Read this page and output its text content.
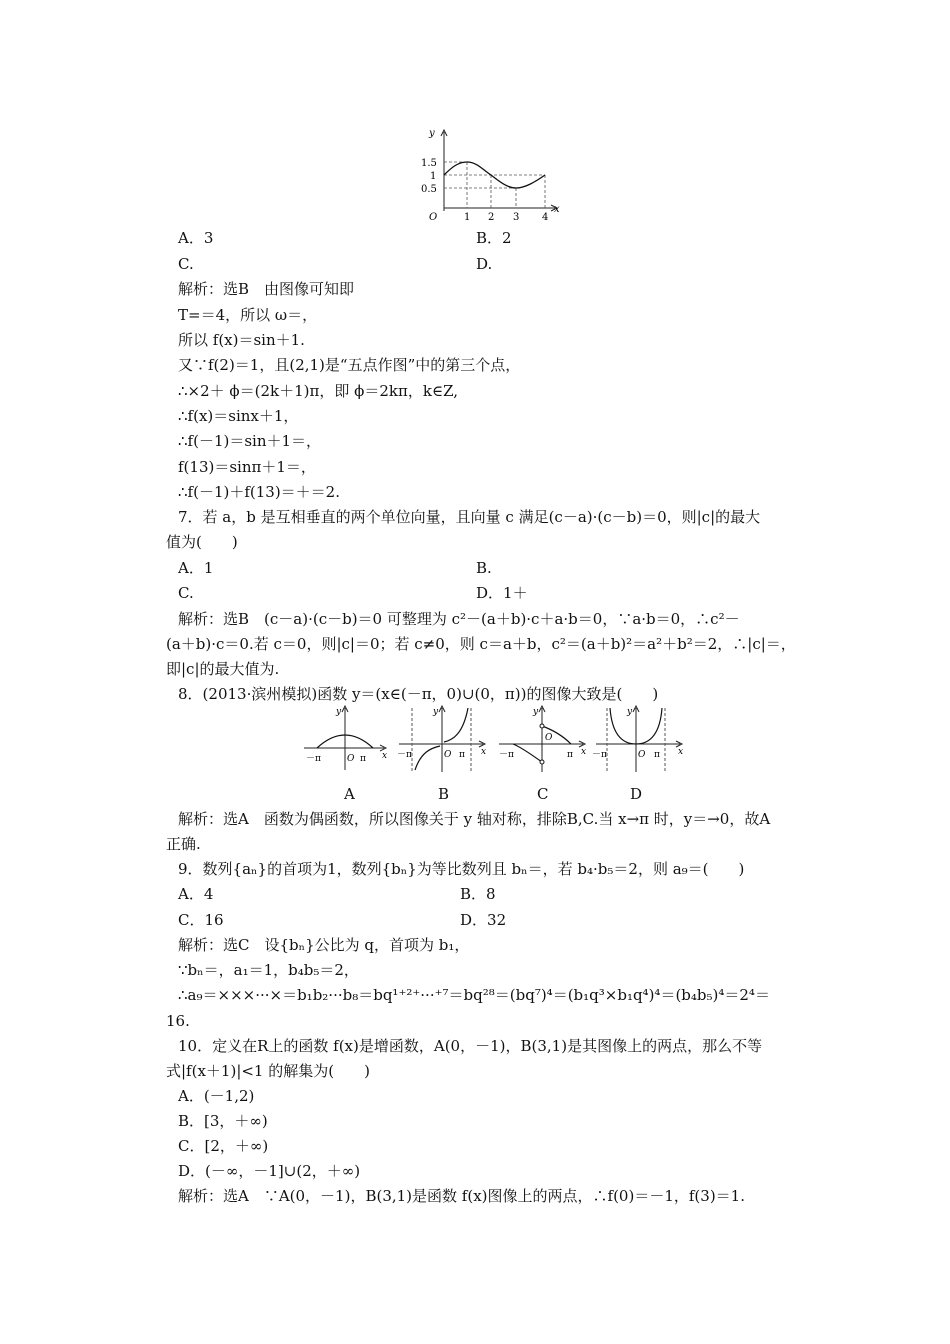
y
x
O
1.5
1
0.5
1 2 3 4
A．3	B．2
C.	D.
解析：选B　由图像可知即
T=＝4，所以 ω＝，
所以 f(x)＝sin＋1.
又∵f(2)＝1，且(2,1)是“五点作图”中的第三个点，
∴×2＋ ϕ＝(2k＋1)π，即 ϕ＝2kπ，k∈Z,
∴f(x)＝sinx＋1，
∴f(－1)＝sin＋1＝，
f(13)＝sinπ＋1＝，
∴f(－1)＋f(13)＝＋＝2.
7．若 a，b 是互相垂直的两个单位向量，且向量 c 满足(c－a)·(c－b)＝0，则|c|的最大
值为(　　)
A．1	B.
C.	D．1＋
解析：选B　(c－a)·(c－b)＝0 可整理为 c²－(a＋b)·c＋a·b＝0，∵a·b＝0，∴c²－
(a＋b)·c＝0.若 c＝0，则|c|＝0；若 c≠0，则 c＝a＋b，c²＝(a＋b)²＝a²＋b²＝2，∴|c|＝，
即|c|的最大值为.
8．(2013·滨州模拟)函数 y＝(x∈(－π，0)∪(0，π))的图像大致是(　　)
y
－π	O π x
y
－π	O π x
y
－π
O
π x
y
－π	O π x
A	B	C	D
解析：选A　函数为偶函数，所以图像关于 y 轴对称，排除B,C.当 x→π 时，y＝→0，故A
正确.
9．数列{aₙ}的首项为1，数列{bₙ}为等比数列且 bₙ＝，若 b₄·b₅＝2，则 a₉＝(　　)
A．4	B．8
C．16	D．32
解析：选C　设{bₙ}公比为 q，首项为 b₁，
∵bₙ＝，a₁＝1，b₄b₅＝2，
∴a₉＝×××···×＝b₁b₂···b₈＝bq¹⁺²⁺···⁺⁷＝bq²⁸＝(bq⁷)⁴＝(b₁q³×b₁q⁴)⁴＝(b₄b₅)⁴＝2⁴＝
16.
10．定义在R上的函数 f(x)是增函数，A(0，－1)，B(3,1)是其图像上的两点，那么不等
式|f(x＋1)|<1 的解集为(　　)
A．(－1,2)
B．[3，＋∞)
C．[2，＋∞)
D．(－∞，－1]∪(2，＋∞)
解析：选A　∵A(0，－1)，B(3,1)是函数 f(x)图像上的两点，∴f(0)＝－1，f(3)＝1.
